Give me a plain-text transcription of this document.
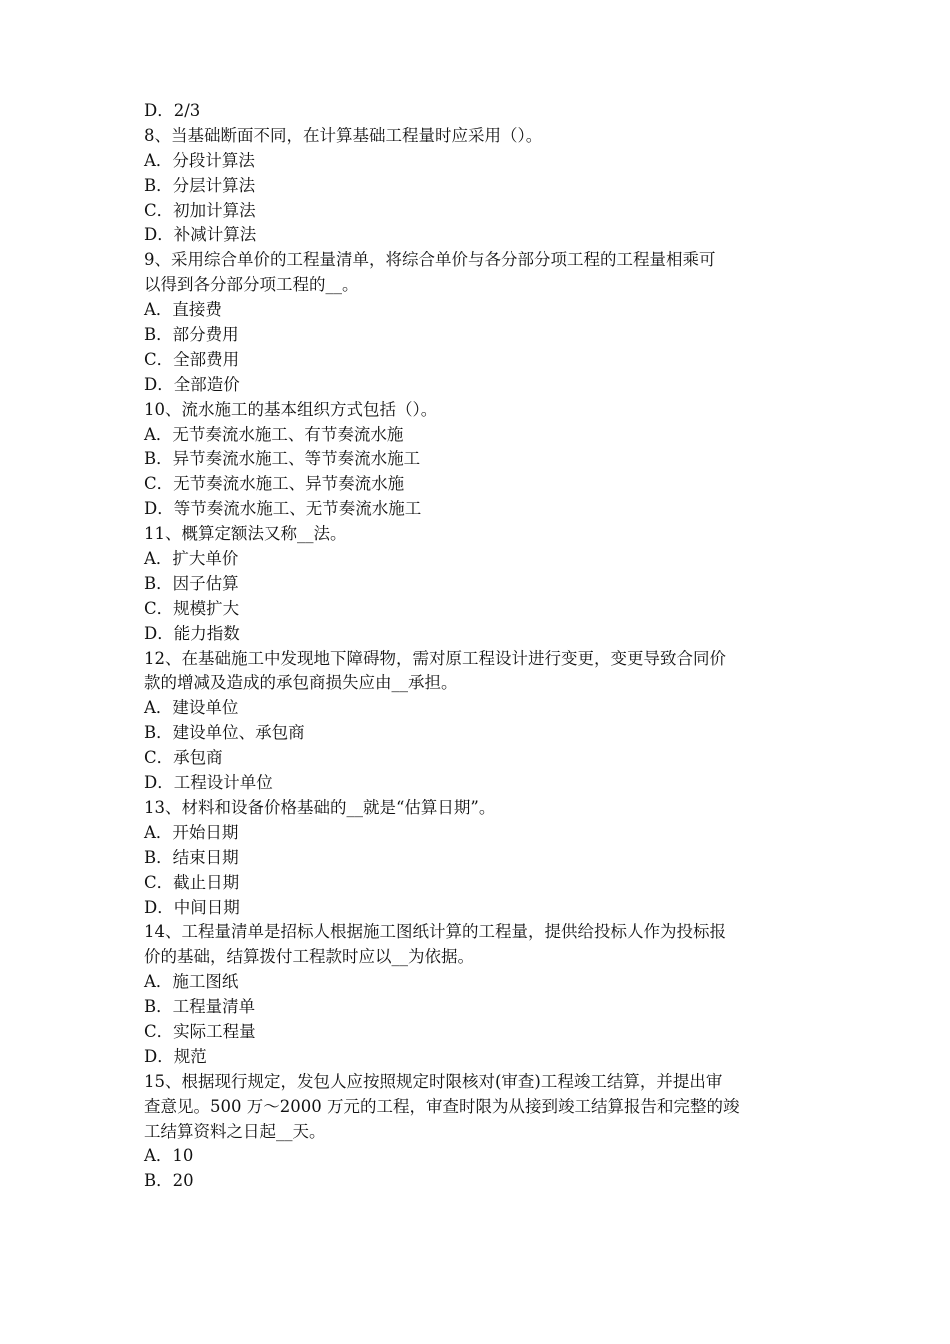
D．2/3
8、当基础断面不同，在计算基础工程量时应采用（）。
A．分段计算法
B．分层计算法
C．初加计算法
D．补减计算法
9、采用综合单价的工程量清单，将综合单价与各分部分项工程的工程量相乘可
以得到各分部分项工程的__。
A．直接费
B．部分费用
C．全部费用
D．全部造价
10、流水施工的基本组织方式包括（）。
A．无节奏流水施工、有节奏流水施
B．异节奏流水施工、等节奏流水施工
C．无节奏流水施工、异节奏流水施
D．等节奏流水施工、无节奏流水施工
11、概算定额法又称__法。
A．扩大单价
B．因子估算
C．规模扩大
D．能力指数
12、在基础施工中发现地下障碍物，需对原工程设计进行变更，变更导致合同价
款的增减及造成的承包商损失应由__承担。
A．建设单位
B．建设单位、承包商
C．承包商
D．工程设计单位
13、材料和设备价格基础的__就是“估算日期”。
A．开始日期
B．结束日期
C．截止日期
D．中间日期
14、工程量清单是招标人根据施工图纸计算的工程量，提供给投标人作为投标报
价的基础，结算拨付工程款时应以__为依据。
A．施工图纸
B．工程量清单
C．实际工程量
D．规范
15、根据现行规定，发包人应按照规定时限核对(审查)工程竣工结算，并提出审
查意见。500 万～2000 万元的工程，审查时限为从接到竣工结算报告和完整的竣
工结算资料之日起__天。
A．10
B．20
